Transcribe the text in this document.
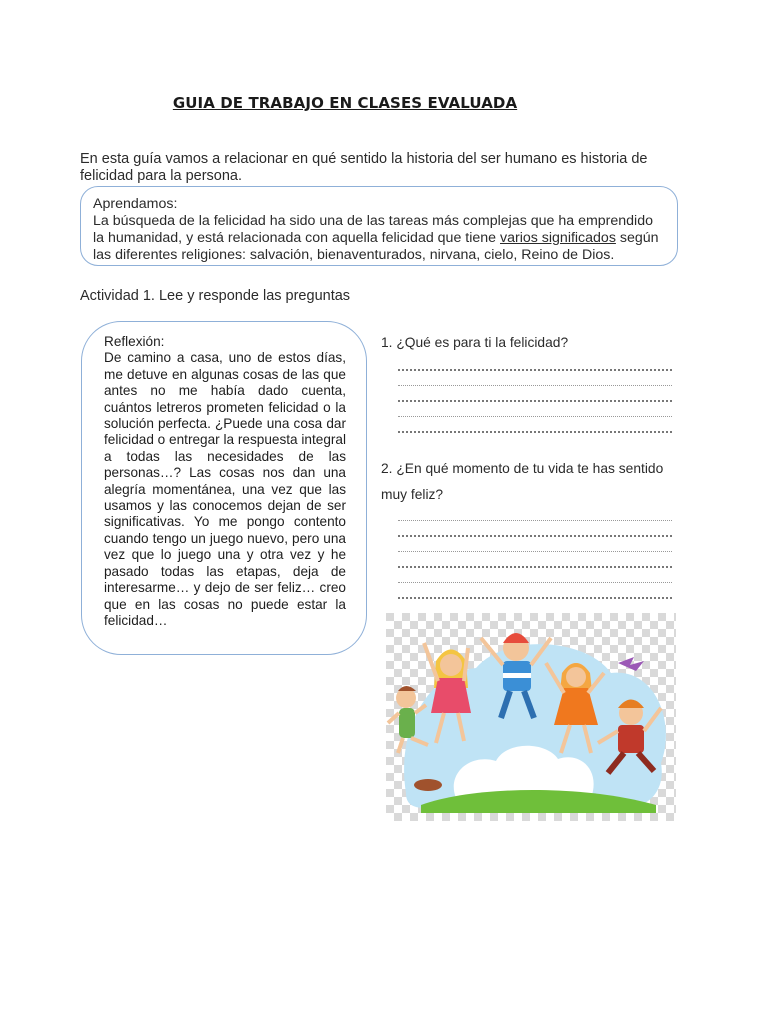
GUIA DE TRABAJO EN CLASES EVALUADA
En esta guía vamos a relacionar en qué sentido la historia del ser humano es historia de felicidad para la persona.
Aprendamos:
La búsqueda de la felicidad ha sido una de las tareas más complejas que ha emprendido la humanidad, y está relacionada con aquella felicidad que tiene varios significados según las diferentes religiones: salvación, bienaventurados, nirvana, cielo, Reino de Dios.
Actividad 1. Lee y responde las preguntas
Reflexión:
De camino a casa, uno de estos días, me detuve en algunas cosas de las que antes no me había dado cuenta, cuántos letreros prometen felicidad o la solución perfecta. ¿Puede una cosa dar felicidad o entregar la respuesta integral a todas las necesidades de las personas…? Las cosas nos dan una alegría momentánea, una vez que las usamos y las conocemos dejan de ser significativas. Yo me pongo contento cuando tengo un juego nuevo, pero una vez que lo juego una y otra vez y he pasado todas las etapas, deja de interesarme… y dejo de ser feliz… creo que en las cosas no puede estar la felicidad…
1. ¿Qué es para ti la felicidad?
2. ¿En qué momento de tu vida te has sentido
muy feliz?
